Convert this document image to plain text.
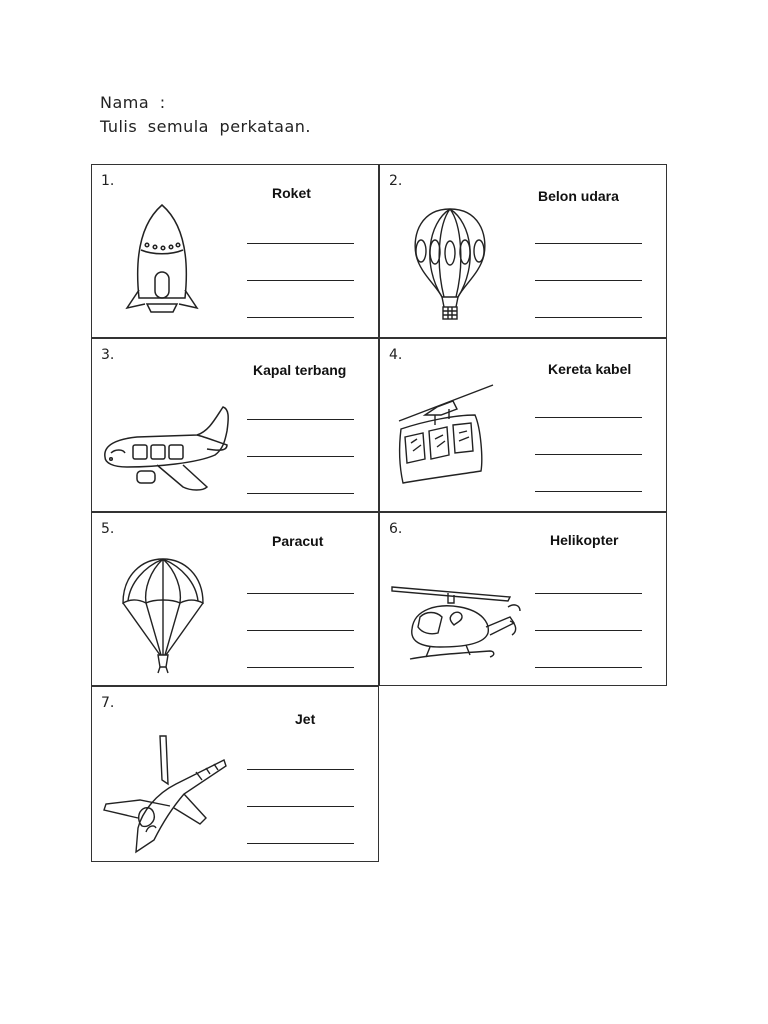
Nama :
Tulis semula perkataan.
1.
Roket
2.
Belon udara
3.
Kapal terbang
4.
Kereta kabel
5.
Paracut
6.
Helikopter
7.
Jet
